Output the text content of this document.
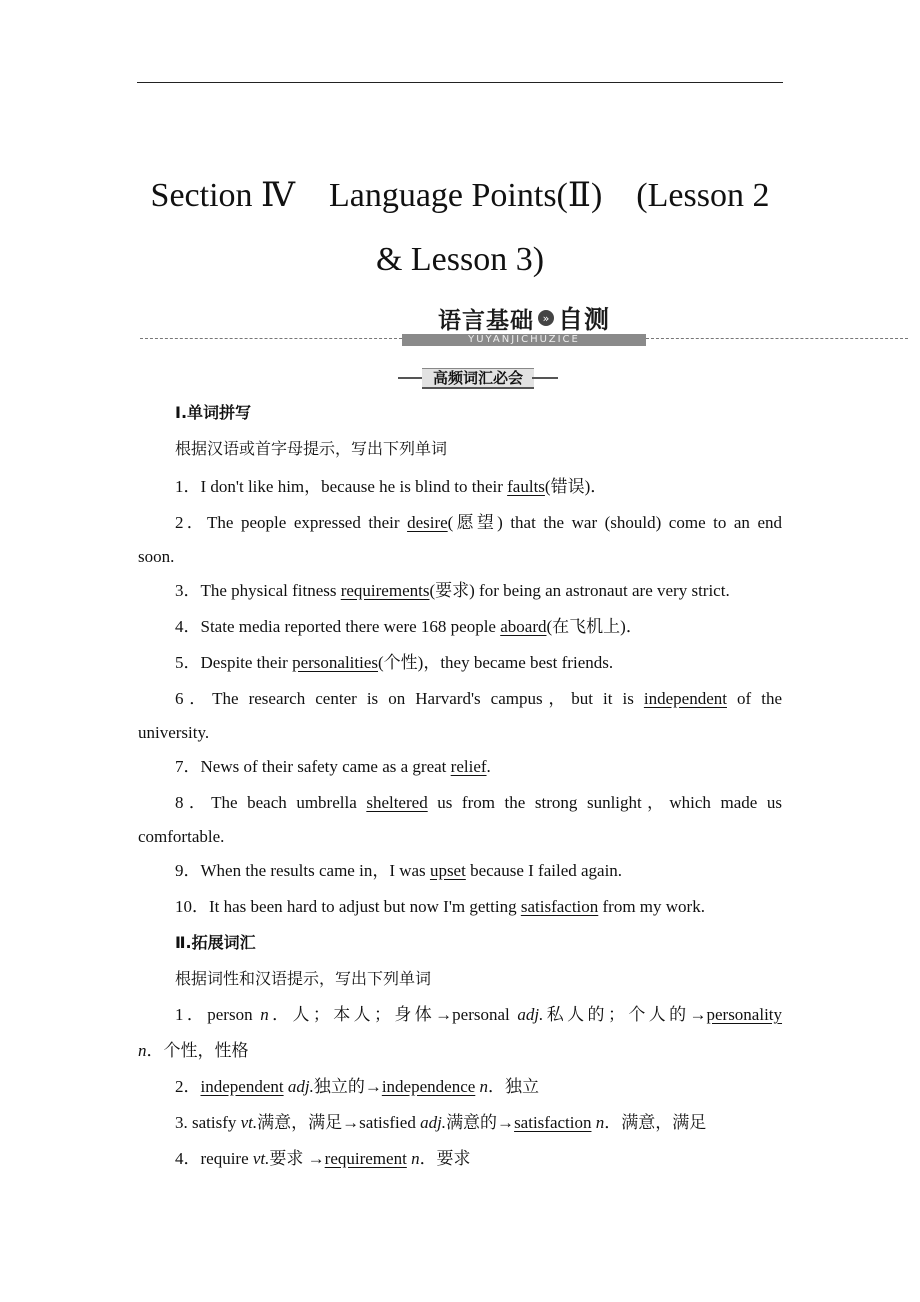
Section Ⅳ    Language Points(Ⅱ)    (Lesson 2
& Lesson 3)
语言基础 » 自测
YUYANJICHUZICE
高频词汇必会
Ⅰ.单词拼写
根据汉语或首字母提示，写出下列单词
1．I don't like him，because he is blind to their faults(错误)．
2．The people expressed their desire(愿望) that the war (should) come to an end
soon.
3．The physical fitness requirements(要求) for being an astronaut are very strict.
4．State media reported there were 168 people aboard(在飞机上)．
5．Despite their personalities(个性)，they became best friends.
6．The research center is on Harvard's campus，but it is independent of the
university.
7．News of their safety came as a great relief.
8．The beach umbrella sheltered us from the strong sunlight，which made us
comfortable.
9．When the results came in，I was upset because I failed again.
10．It has been hard to adjust but now I'm getting satisfaction from my work.
Ⅱ.拓展词汇
根据词性和汉语提示，写出下列单词
1．person n．人；本人；身体→personal adj.私人的；个人的→personality
n．个性，性格
2．independent adj.独立的→independence n．独立
3. satisfy vt.满意，满足→satisfied adj.满意的→satisfaction n．满意，满足
4．require vt.要求 →requirement n．要求
